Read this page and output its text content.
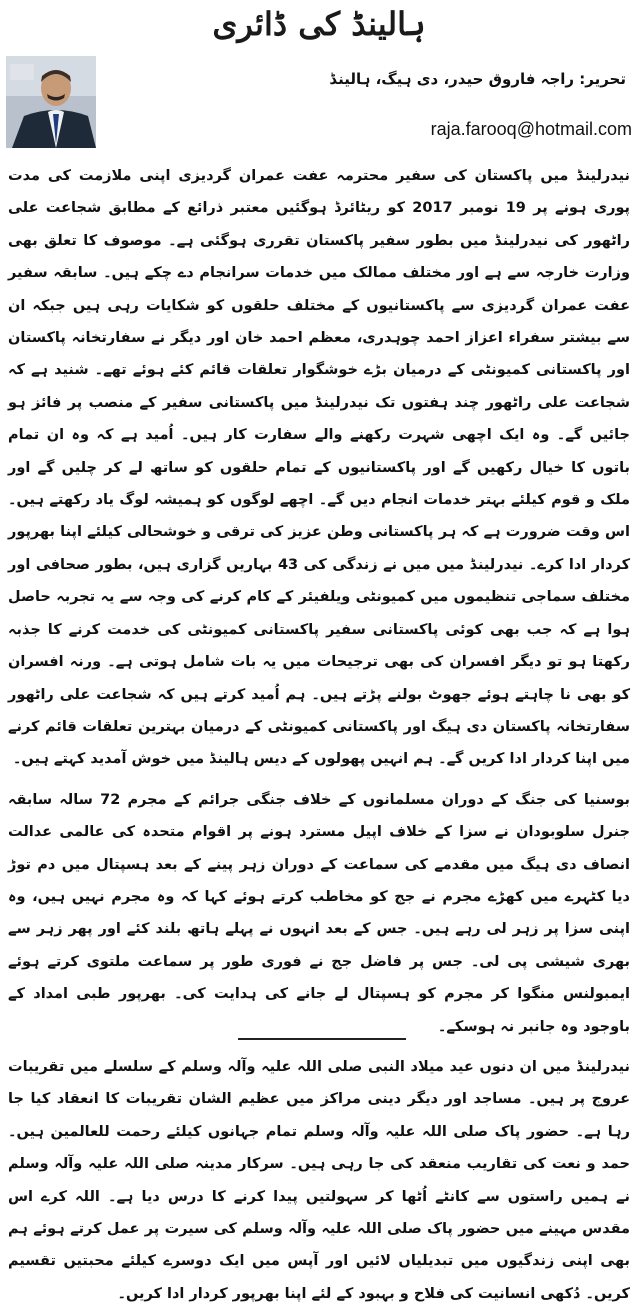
ہالینڈ کی ڈائری
تحریر: راجہ فاروق حیدر، دی ہیگ، ہالینڈ
raja.farooq@hotmail.com

نیدرلینڈ میں پاکستان کی سفیر محترمہ عفت عمران گردیزی اپنی ملازمت کی مدت پوری ہونے پر 19 نومبر 2017 کو ریٹائرڈ ہوگئیں معتبر ذرائع کے مطابق شجاعت علی راٹھور کی نیدرلینڈ میں بطور سفیر پاکستان تقرری ہوگئی ہے۔ موصوف کا تعلق بھی وزارت خارجہ سے ہے اور مختلف ممالک میں خدمات سرانجام دے چکے ہیں۔ سابقہ سفیر عفت عمران گردیزی سے پاکستانیوں کے مختلف حلقوں کو شکایات رہی ہیں جبکہ ان سے بیشتر سفراء اعزاز احمد چوہدری، معظم احمد خان اور دیگر نے سفارتخانہ پاکستان اور پاکستانی کمیونٹی کے درمیان بڑے خوشگوار تعلقات قائم کئے ہوئے تھے۔ شنید ہے کہ شجاعت علی راٹھور چند ہفتوں تک نیدرلینڈ میں پاکستانی سفیر کے منصب پر فائز ہو جائیں گے۔ وہ ایک اچھی شہرت رکھنے والے سفارت کار ہیں۔ اُمید ہے کہ وہ ان تمام باتوں کا خیال رکھیں گے اور پاکستانیوں کے تمام حلقوں کو ساتھ لے کر چلیں گے اور ملک و قوم کیلئے بہتر خدمات انجام دیں گے۔ اچھے لوگوں کو ہمیشہ لوگ یاد رکھتے ہیں۔ اس وقت ضرورت ہے کہ ہر پاکستانی وطن عزیز کی ترقی و خوشحالی کیلئے اپنا بھرپور کردار ادا کرے۔ نیدرلینڈ میں میں نے زندگی کی 43 بہاریں گزاری ہیں، بطور صحافی اور مختلف سماجی تنظیموں میں کمیونٹی ویلفیئر کے کام کرنے کی وجہ سے یہ تجربہ حاصل ہوا ہے کہ جب بھی کوئی پاکستانی سفیر پاکستانی کمیونٹی کی خدمت کرنے کا جذبہ رکھتا ہو تو دیگر افسران کی بھی ترجیحات میں یہ بات شامل ہوتی ہے۔ ورنہ افسران کو بھی نا چاہتے ہوئے جھوٹ بولنے پڑتے ہیں۔ ہم اُمید کرتے ہیں کہ شجاعت علی راٹھور سفارتخانہ پاکستان دی ہیگ اور پاکستانی کمیونٹی کے درمیان بہترین تعلقات قائم کرنے میں اپنا کردار ادا کریں گے۔ ہم انہیں پھولوں کے دیس ہالینڈ میں خوش آمدید کہتے ہیں۔

بوسنیا کی جنگ کے دوران مسلمانوں کے خلاف جنگی جرائم کے مجرم 72 سالہ سابقہ جنرل سلوبودان نے سزا کے خلاف اپیل مسترد ہونے پر اقوام متحدہ کی عالمی عدالت انصاف دی ہیگ میں مقدمے کی سماعت کے دوران زہر پینے کے بعد ہسپتال میں دم توڑ دیا کٹہرے میں کھڑے مجرم نے جج کو مخاطب کرتے ہوئے کہا کہ وہ مجرم نہیں ہیں، وہ اپنی سزا پر زہر لی رہے ہیں۔ جس کے بعد انہوں نے پہلے ہاتھ بلند کئے اور پھر زہر سے بھری شیشی پی لی۔ جس پر فاضل جج نے فوری طور پر سماعت ملتوی کرتے ہوئے ایمبولنس منگوا کر مجرم کو ہسپتال لے جانے کی ہدایت کی۔ بھرپور طبی امداد کے باوجود وہ جانبر نہ ہوسکے۔

نیدرلینڈ میں ان دنوں عید میلاد النبی صلی اللہ علیہ وآلہ وسلم کے سلسلے میں تقریبات عروج پر ہیں۔ مساجد اور دیگر دینی مراکز میں عظیم الشان تقریبات کا انعقاد کیا جا رہا ہے۔ حضور پاک صلی اللہ علیہ وآلہ وسلم تمام جہانوں کیلئے رحمت للعالمین ہیں۔ حمد و نعت کی تقاریب منعقد کی جا رہی ہیں۔ سرکار مدینہ صلی اللہ علیہ وآلہ وسلم نے ہمیں راستوں سے کانٹے اُٹھا کر سہولتیں پیدا کرنے کا درس دیا ہے۔ اللہ کرے اس مقدس مہینے میں حضور پاک صلی اللہ علیہ وآلہ وسلم کی سیرت پر عمل کرتے ہوئے ہم بھی اپنی زندگیوں میں تبدیلیاں لائیں اور آپس میں ایک دوسرے کیلئے محبتیں تقسیم کریں۔ دُکھی انسانیت کی فلاح و بہبود کے لئے اپنا بھرپور کردار ادا کریں۔
